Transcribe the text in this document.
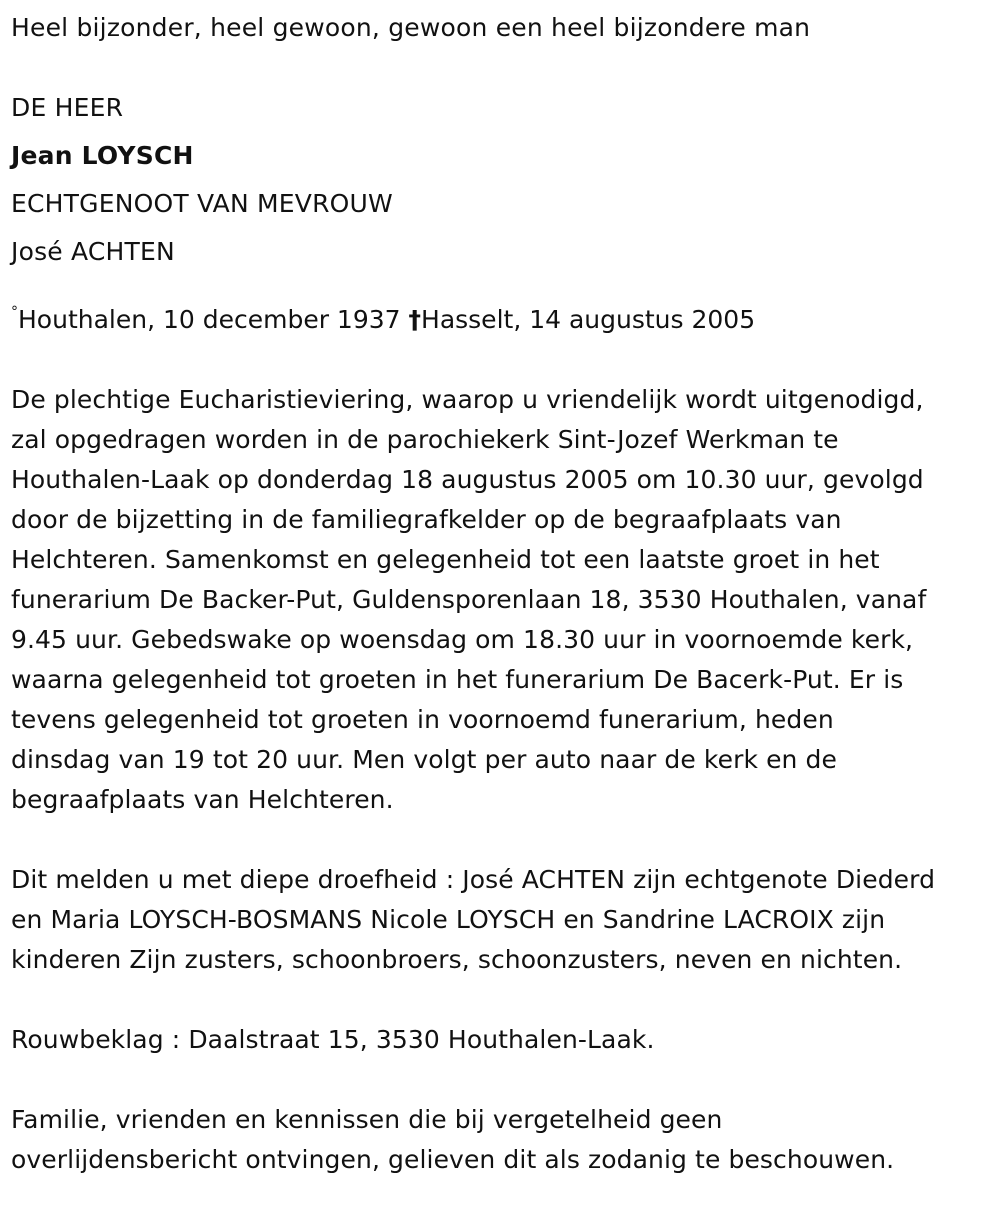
Heel bijzonder, heel gewoon, gewoon een heel bijzondere man
DE HEER
Jean LOYSCH
ECHTGENOOT VAN MEVROUW
José ACHTEN
°Houthalen, 10 december 1937 †Hasselt, 14 augustus 2005
De plechtige Eucharistieviering, waarop u vriendelijk wordt uitgenodigd,
zal opgedragen worden in de parochiekerk Sint-Jozef Werkman te
Houthalen-Laak op donderdag 18 augustus 2005 om 10.30 uur, gevolgd
door de bijzetting in de familiegrafkelder op de begraafplaats van
Helchteren. Samenkomst en gelegenheid tot een laatste groet in het
funerarium De Backer-Put, Guldensporenlaan 18, 3530 Houthalen, vanaf
9.45 uur. Gebedswake op woensdag om 18.30 uur in voornoemde kerk,
waarna gelegenheid tot groeten in het funerarium De Bacerk-Put. Er is
tevens gelegenheid tot groeten in voornoemd funerarium, heden
dinsdag van 19 tot 20 uur. Men volgt per auto naar de kerk en de
begraafplaats van Helchteren.
Dit melden u met diepe droefheid : José ACHTEN zijn echtgenote Diederd
en Maria LOYSCH-BOSMANS Nicole LOYSCH en Sandrine LACROIX zijn
kinderen Zijn zusters, schoonbroers, schoonzusters, neven en nichten.
Rouwbeklag : Daalstraat 15, 3530 Houthalen-Laak.
Familie, vrienden en kennissen die bij vergetelheid geen
overlijdensbericht ontvingen, gelieven dit als zodanig te beschouwen.
